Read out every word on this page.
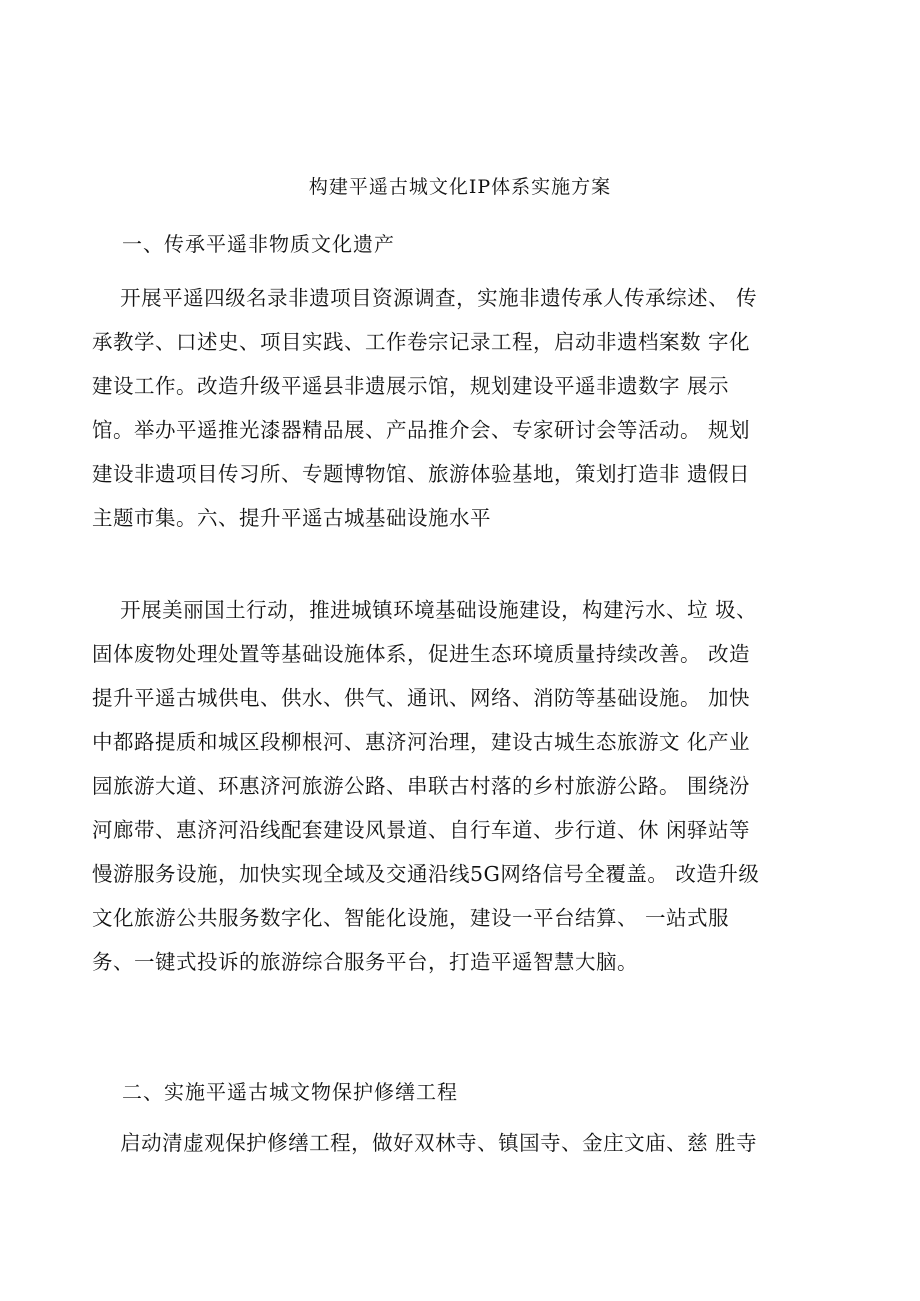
构建平遥古城文化IP体系实施方案
一、传承平遥非物质文化遗产
开展平遥四级名录非遗项目资源调查，实施非遗传承人传承综述、 传
承教学、口述史、项目实践、工作卷宗记录工程，启动非遗档案数 字化
建设工作。改造升级平遥县非遗展示馆，规划建设平遥非遗数字 展示
馆。举办平遥推光漆器精品展、产品推介会、专家研讨会等活动。 规划
建设非遗项目传习所、专题博物馆、旅游体验基地，策划打造非 遗假日
主题市集。六、提升平遥古城基础设施水平
开展美丽国土行动，推进城镇环境基础设施建设，构建污水、垃 圾、
固体废物处理处置等基础设施体系，促进生态环境质量持续改善。 改造
提升平遥古城供电、供水、供气、通讯、网络、消防等基础设施。 加快
中都路提质和城区段柳根河、惠济河治理，建设古城生态旅游文 化产业
园旅游大道、环惠济河旅游公路、串联古村落的乡村旅游公路。 围绕汾
河廊带、惠济河沿线配套建设风景道、自行车道、步行道、休 闲驿站等
慢游服务设施，加快实现全域及交通沿线5G网络信号全覆盖。 改造升级
文化旅游公共服务数字化、智能化设施，建设一平台结算、 一站式服
务、一键式投诉的旅游综合服务平台，打造平遥智慧大脑。
二、实施平遥古城文物保护修缮工程
启动清虚观保护修缮工程，做好双林寺、镇国寺、金庄文庙、慈 胜寺
